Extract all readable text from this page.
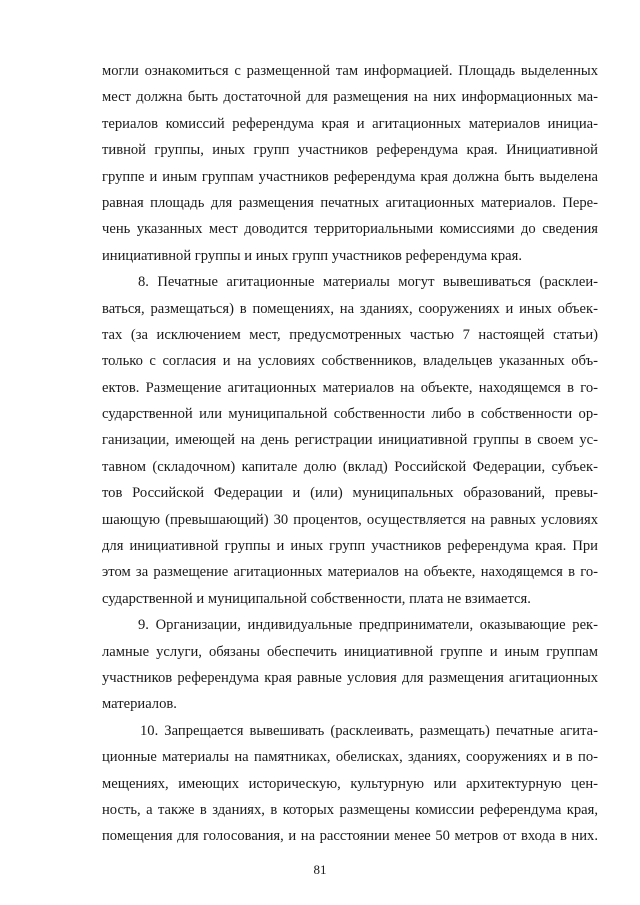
могли ознакомиться с размещенной там информацией. Площадь выделенных
мест должна быть достаточной для размещения на них информационных ма-
териалов комиссий референдума края и агитационных материалов инициа-
тивной группы, иных групп участников референдума края. Инициативной
группе и иным группам участников референдума края должна быть выделена
равная площадь для размещения печатных агитационных материалов. Пере-
чень указанных мест доводится территориальными комиссиями до сведения
инициативной группы и иных групп участников референдума края.
8. Печатные агитационные материалы могут вывешиваться (расклеи-
ваться, размещаться) в помещениях, на зданиях, сооружениях и иных объек-
тах (за исключением мест, предусмотренных частью 7 настоящей статьи)
только с согласия и на условиях собственников, владельцев указанных объ-
ектов. Размещение агитационных материалов на объекте, находящемся в го-
сударственной или муниципальной собственности либо в собственности ор-
ганизации, имеющей на день регистрации инициативной группы в своем ус-
тавном (складочном) капитале долю (вклад) Российской Федерации, субъек-
тов Российской Федерации и (или) муниципальных образований, превы-
шающую (превышающий) 30 процентов, осуществляется на равных условиях
для инициативной группы и иных групп участников референдума края. При
этом за размещение агитационных материалов на объекте, находящемся в го-
сударственной и муниципальной собственности, плата не взимается.
9. Организации, индивидуальные предприниматели, оказывающие рек-
ламные услуги, обязаны обеспечить инициативной группе и иным группам
участников референдума края равные условия для размещения агитационных
материалов.
10. Запрещается вывешивать (расклеивать, размещать) печатные агита-
ционные материалы на памятниках, обелисках, зданиях, сооружениях и в по-
мещениях, имеющих историческую, культурную или архитектурную цен-
ность, а также в зданиях, в которых размещены комиссии референдума края,
помещения для голосования, и на расстоянии менее 50 метров от входа в них.
81
